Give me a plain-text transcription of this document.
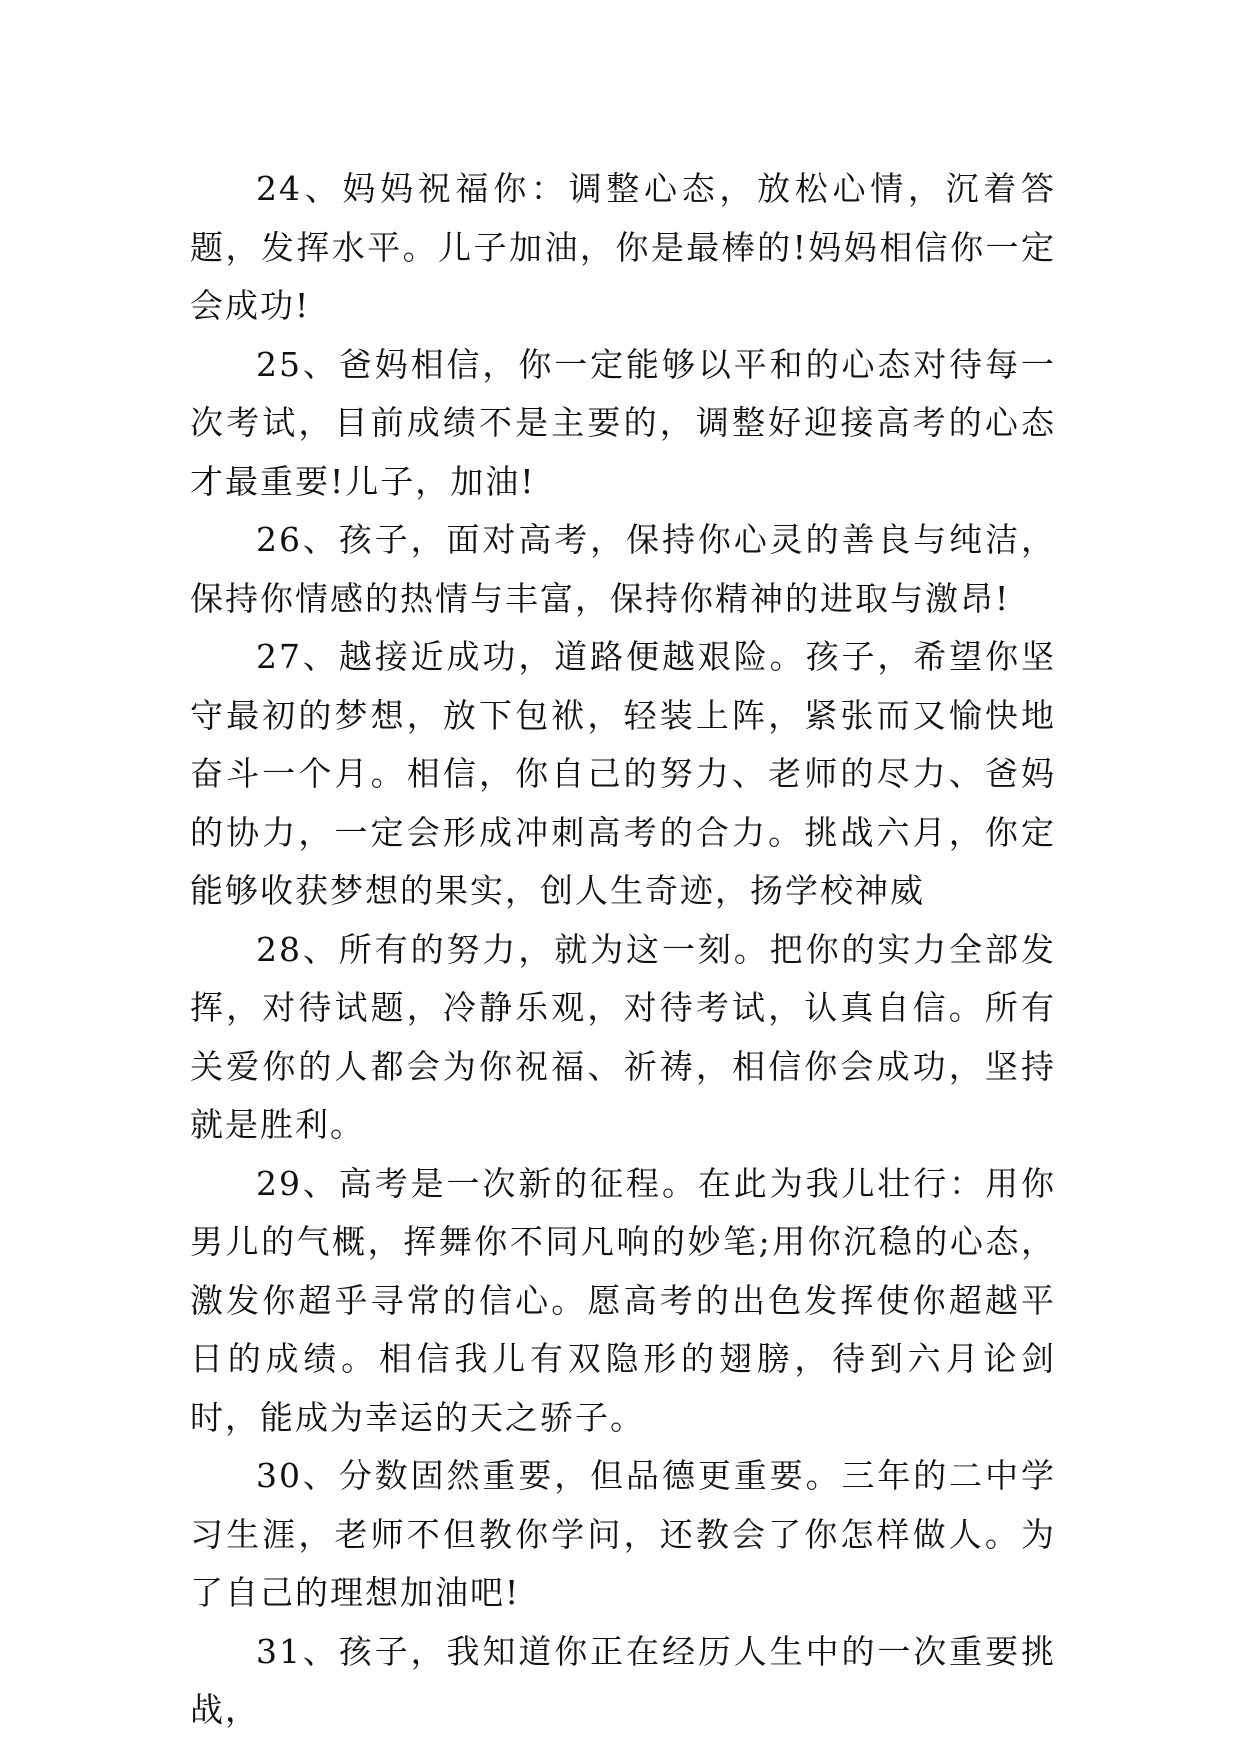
24、妈妈祝福你：调整心态，放松心情，沉着答题，发挥水平。儿子加油，你是最棒的!妈妈相信你一定会成功!

25、爸妈相信，你一定能够以平和的心态对待每一次考试，目前成绩不是主要的，调整好迎接高考的心态才最重要!儿子，加油!

26、孩子，面对高考，保持你心灵的善良与纯洁，保持你情感的热情与丰富，保持你精神的进取与激昂!

27、越接近成功，道路便越艰险。孩子，希望你坚守最初的梦想，放下包袱，轻装上阵，紧张而又愉快地奋斗一个月。相信，你自己的努力、老师的尽力、爸妈的协力，一定会形成冲刺高考的合力。挑战六月，你定能够收获梦想的果实，创人生奇迹，扬学校神威

28、所有的努力，就为这一刻。把你的实力全部发挥，对待试题，冷静乐观，对待考试，认真自信。所有关爱你的人都会为你祝福、祈祷，相信你会成功，坚持就是胜利。

29、高考是一次新的征程。在此为我儿壮行：用你男儿的气概，挥舞你不同凡响的妙笔;用你沉稳的心态，激发你超乎寻常的信心。愿高考的出色发挥使你超越平日的成绩。相信我儿有双隐形的翅膀，待到六月论剑时，能成为幸运的天之骄子。

30、分数固然重要，但品德更重要。三年的二中学习生涯，老师不但教你学问，还教会了你怎样做人。为了自己的理想加油吧!

31、孩子，我知道你正在经历人生中的一次重要挑战，
